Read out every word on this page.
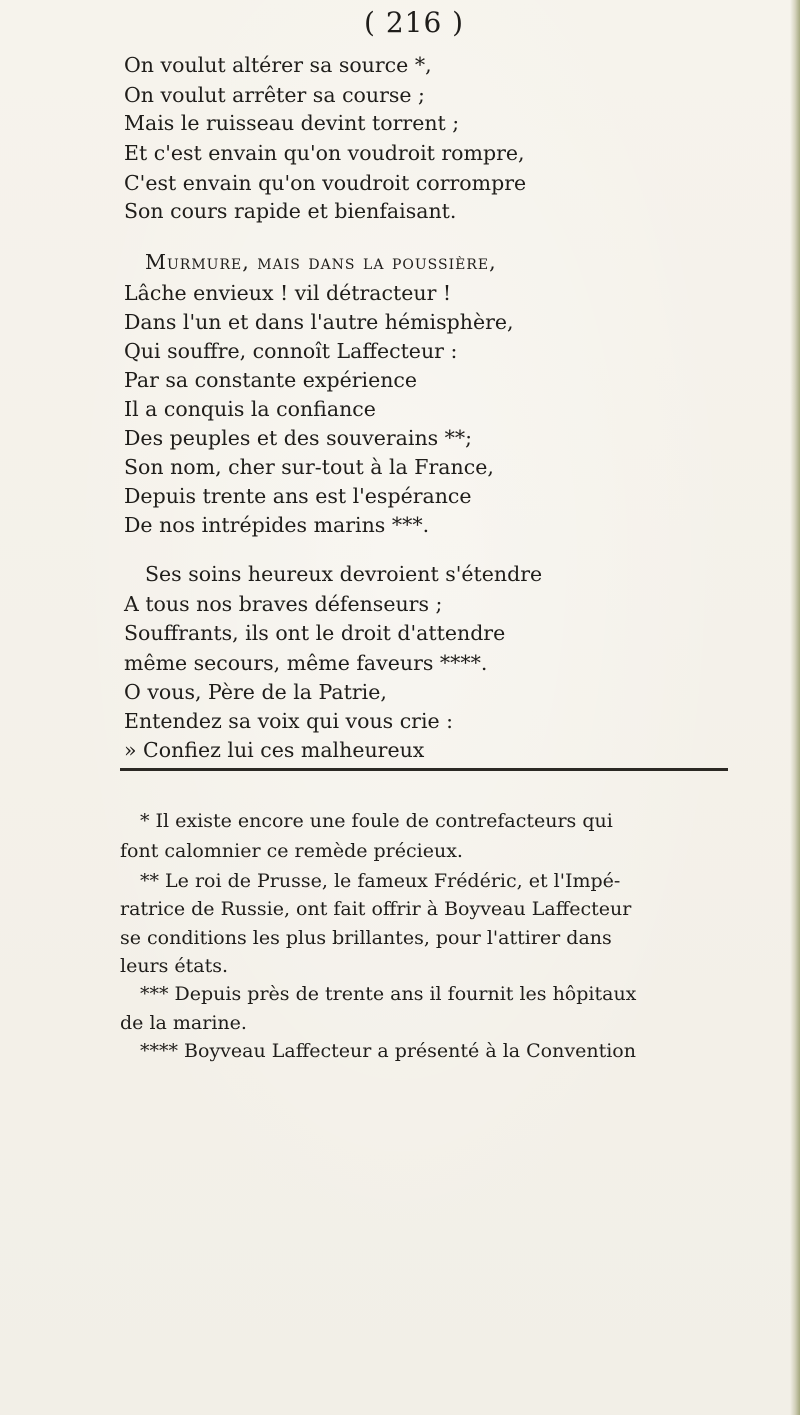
( 216 )
On voulut altérer sa source *,
On voulut arrêter sa course ;
Mais le ruisseau devint torrent ;
Et c'est envain qu'on voudroit rompre,
C'est envain qu'on voudroit corrompre
Son cours rapide et bienfaisant.
Murmure, mais dans la poussière,
Lâche envieux ! vil détracteur !
Dans l'un et dans l'autre hémisphère,
Qui souffre, connoît Laffecteur :
Par sa constante expérience
Il a conquis la confiance
Des peuples et des souverains **;
Son nom, cher sur-tout à la France,
Depuis trente ans est l'espérance
De nos intrépides marins ***.
Ses soins heureux devroient s'étendre
A tous nos braves défenseurs ;
Souffrants, ils ont le droit d'attendre
même secours, même faveurs ****.
O vous, Père de la Patrie,
Entendez sa voix qui vous crie :
» Confiez lui ces malheureux
* Il existe encore une foule de contrefacteurs qui
font calomnier ce remède précieux.
** Le roi de Prusse, le fameux Frédéric, et l'Impé-
ratrice de Russie, ont fait offrir à Boyveau Laffecteur
se conditions les plus brillantes, pour l'attirer dans
leurs états.
*** Depuis près de trente ans il fournit les hôpitaux
de la marine.
**** Boyveau Laffecteur a présenté à la Convention
